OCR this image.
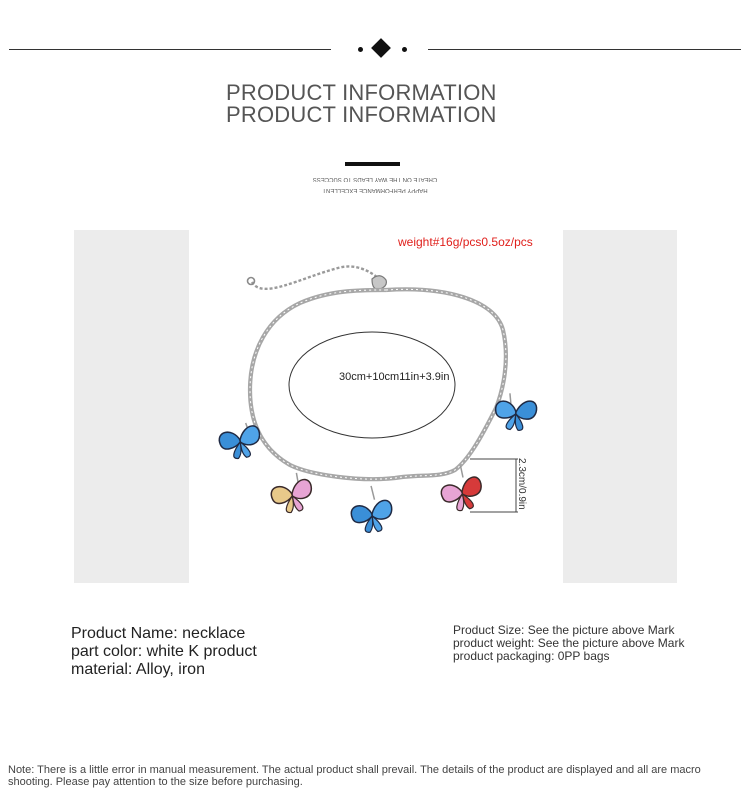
PRODUCT INFORMATION
PRODUCT INFORMATION
CREATE ON THE WAY LEADS TO SUCCESS
HAPPY PERFORMANCE EXCELLENT
2.3cm/0.9in
weight#16g/pcs0.5oz/pcs
30cm+10cm11in+3.9in
Product Name: necklace
part color: white K product
material: Alloy, iron
Product Size: See the picture above Mark product weight: See the picture above Mark product packaging: 0PP bags
Note: There is a little error in manual measurement. The actual product shall prevail. The details of the product are displayed and all are macro shooting. Please pay attention to the size before purchasing.
